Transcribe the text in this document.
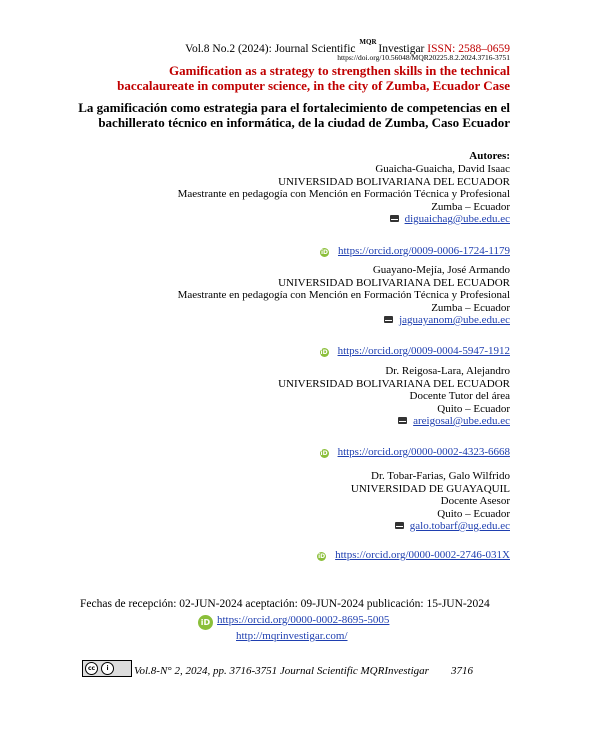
Vol.8 No.2 (2024): Journal Scientific
MQR
Investigar ISSN: 2588–0659
https://doi.org/10.56048/MQR20225.8.2.2024.3716-3751
Gamification as a strategy to strengthen skills in the technical baccalaureate in computer science, in the city of Zumba, Ecuador Case
La gamificación como estrategia para el fortalecimiento de competencias en el bachillerato técnico en informática, de la ciudad de Zumba, Caso Ecuador
Autores:
Guaicha-Guaicha, David Isaac
UNIVERSIDAD BOLIVARIANA DEL ECUADOR
Maestrante en pedagogía con Mención en Formación Técnica y Profesional
Zumba – Ecuador
diguaichag@ube.edu.ec
iD https://orcid.org/0009-0006-1724-1179
Guayano-Mejía, José Armando
UNIVERSIDAD BOLIVARIANA DEL ECUADOR
Maestrante en pedagogía con Mención en Formación Técnica y Profesional
Zumba – Ecuador
jaguayanom@ube.edu.ec
iD https://orcid.org/0009-0004-5947-1912
Dr. Reigosa-Lara, Alejandro
UNIVERSIDAD BOLIVARIANA DEL ECUADOR
Docente Tutor del área
Quito – Ecuador
areigosal@ube.edu.ec
iD https://orcid.org/0000-0002-4323-6668
Dr. Tobar-Farias, Galo Wilfrido
UNIVERSIDAD DE GUAYAQUIL
Docente Asesor
Quito – Ecuador
galo.tobarf@ug.edu.ec
iD https://orcid.org/0000-0002-2746-031X
Fechas de recepción: 02-JUN-2024 aceptación: 09-JUN-2024 publicación: 15-JUN-2024
iD https://orcid.org/0000-0002-8695-5005
http://mqrinvestigar.com/
cc	i	Vol.8-N° 2, 2024, pp. 3716-3751 Journal Scientific MQRInvestigar 3716
